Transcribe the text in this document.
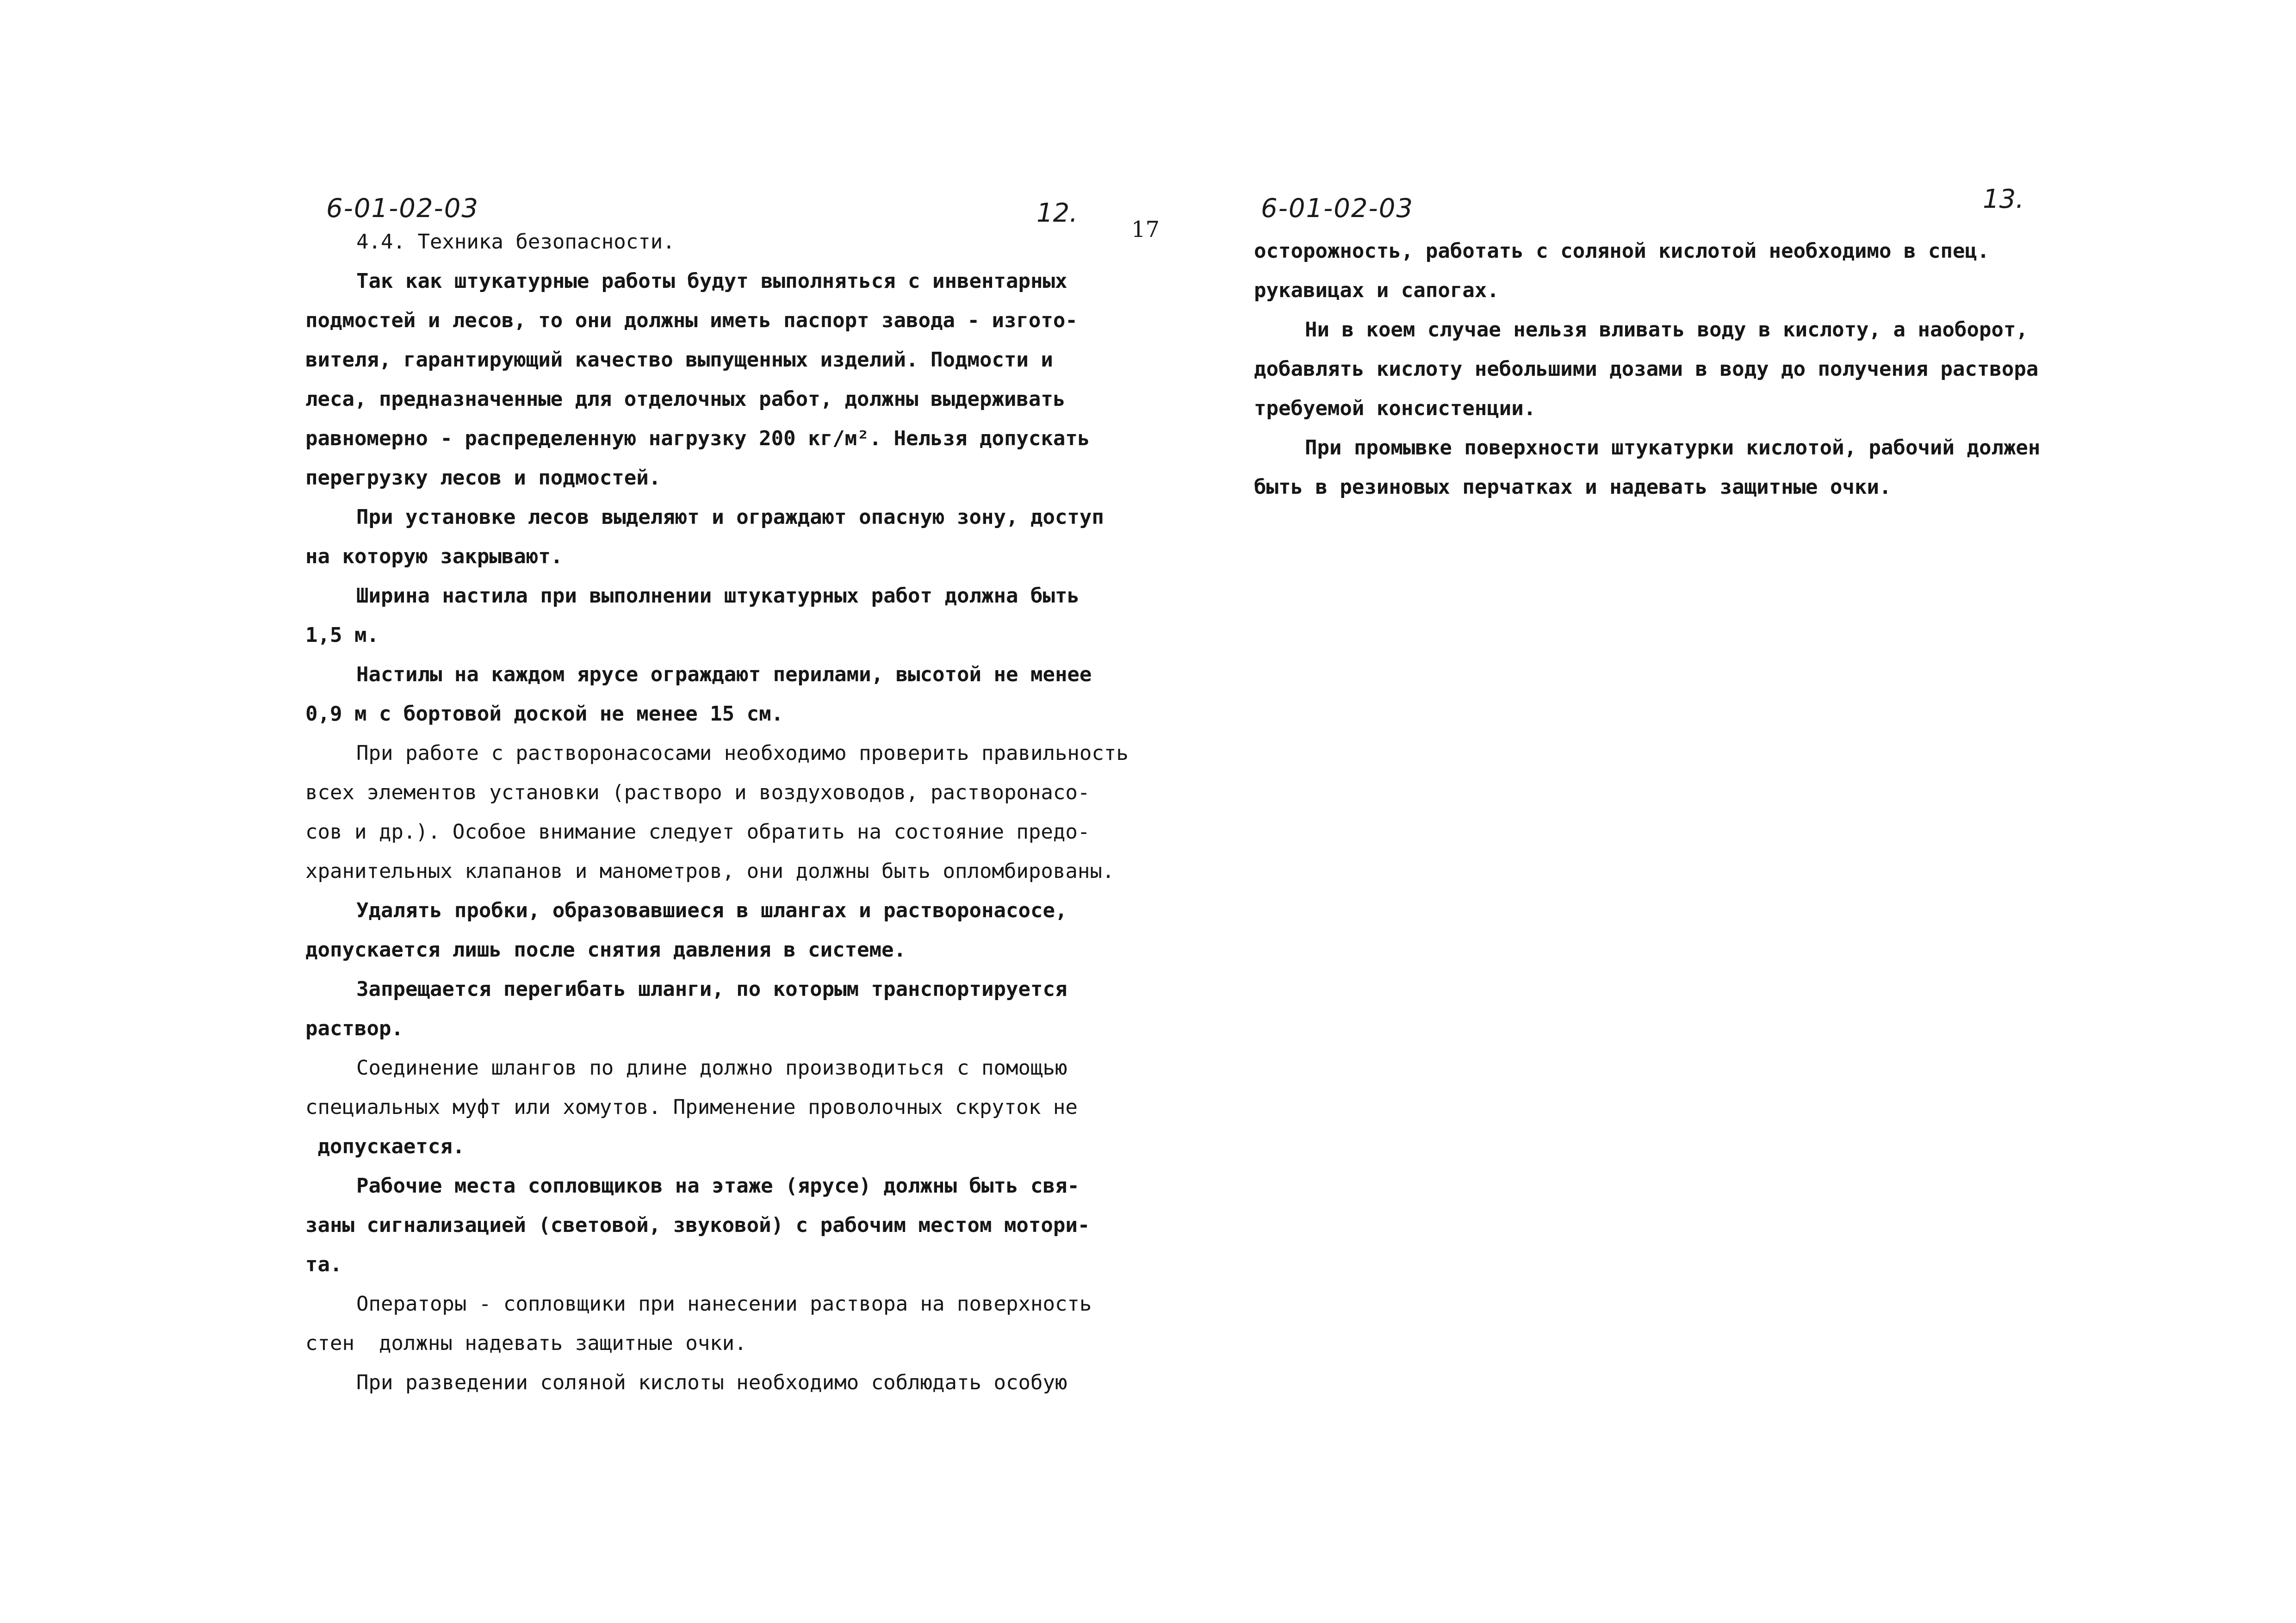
6-01-02-03	12.
17
4.4. Техника безопасности.
Так как штукатурные работы будут выполняться с инвентарных
подмостей и лесов, то они должны иметь паспорт завода - изгото-
вителя, гарантирующий качество выпущенных изделий. Подмости и
леса, предназначенные для отделочных работ, должны выдерживать
равномерно - распределенную нагрузку 200 кг/м². Нельзя допускать
перегрузку лесов и подмостей.
При установке лесов выделяют и ограждают опасную зону, доступ
на которую закрывают.
Ширина настила при выполнении штукатурных работ должна быть
1,5 м.
Настилы на каждом ярусе ограждают перилами, высотой не менее
0,9 м с бортовой доской не менее 15 см.
При работе с растворонасосами необходимо проверить правильность
всех элементов установки (растворо и воздуховодов, растворонасо-
сов и др.). Особое внимание следует обратить на состояние предо-
хранительных клапанов и манометров, они должны быть опломбированы.
Удалять пробки, образовавшиеся в шлангах и растворонасосе,
допускается лишь после снятия давления в системе.
Запрещается перегибать шланги, по которым транспортируется
раствор.
Соединение шлангов по длине должно производиться с помощью
специальных муфт или хомутов. Применение проволочных скруток не
допускается.
Рабочие места сопловщиков на этаже (ярусе) должны быть свя-
заны сигнализацией (световой, звуковой) с рабочим местом мотори-
та.
Операторы - сопловщики при нанесении раствора на поверхность
стен  должны надевать защитные очки.
При разведении соляной кислоты необходимо соблюдать особую
6-01-02-03	13.
осторожность, работать с соляной кислотой необходимо в спец.
рукавицах и сапогах.
Ни в коем случае нельзя вливать воду в кислоту, а наоборот,
добавлять кислоту небольшими дозами в воду до получения раствора
требуемой консистенции.
При промывке поверхности штукатурки кислотой, рабочий должен
быть в резиновых перчатках и надевать защитные очки.
